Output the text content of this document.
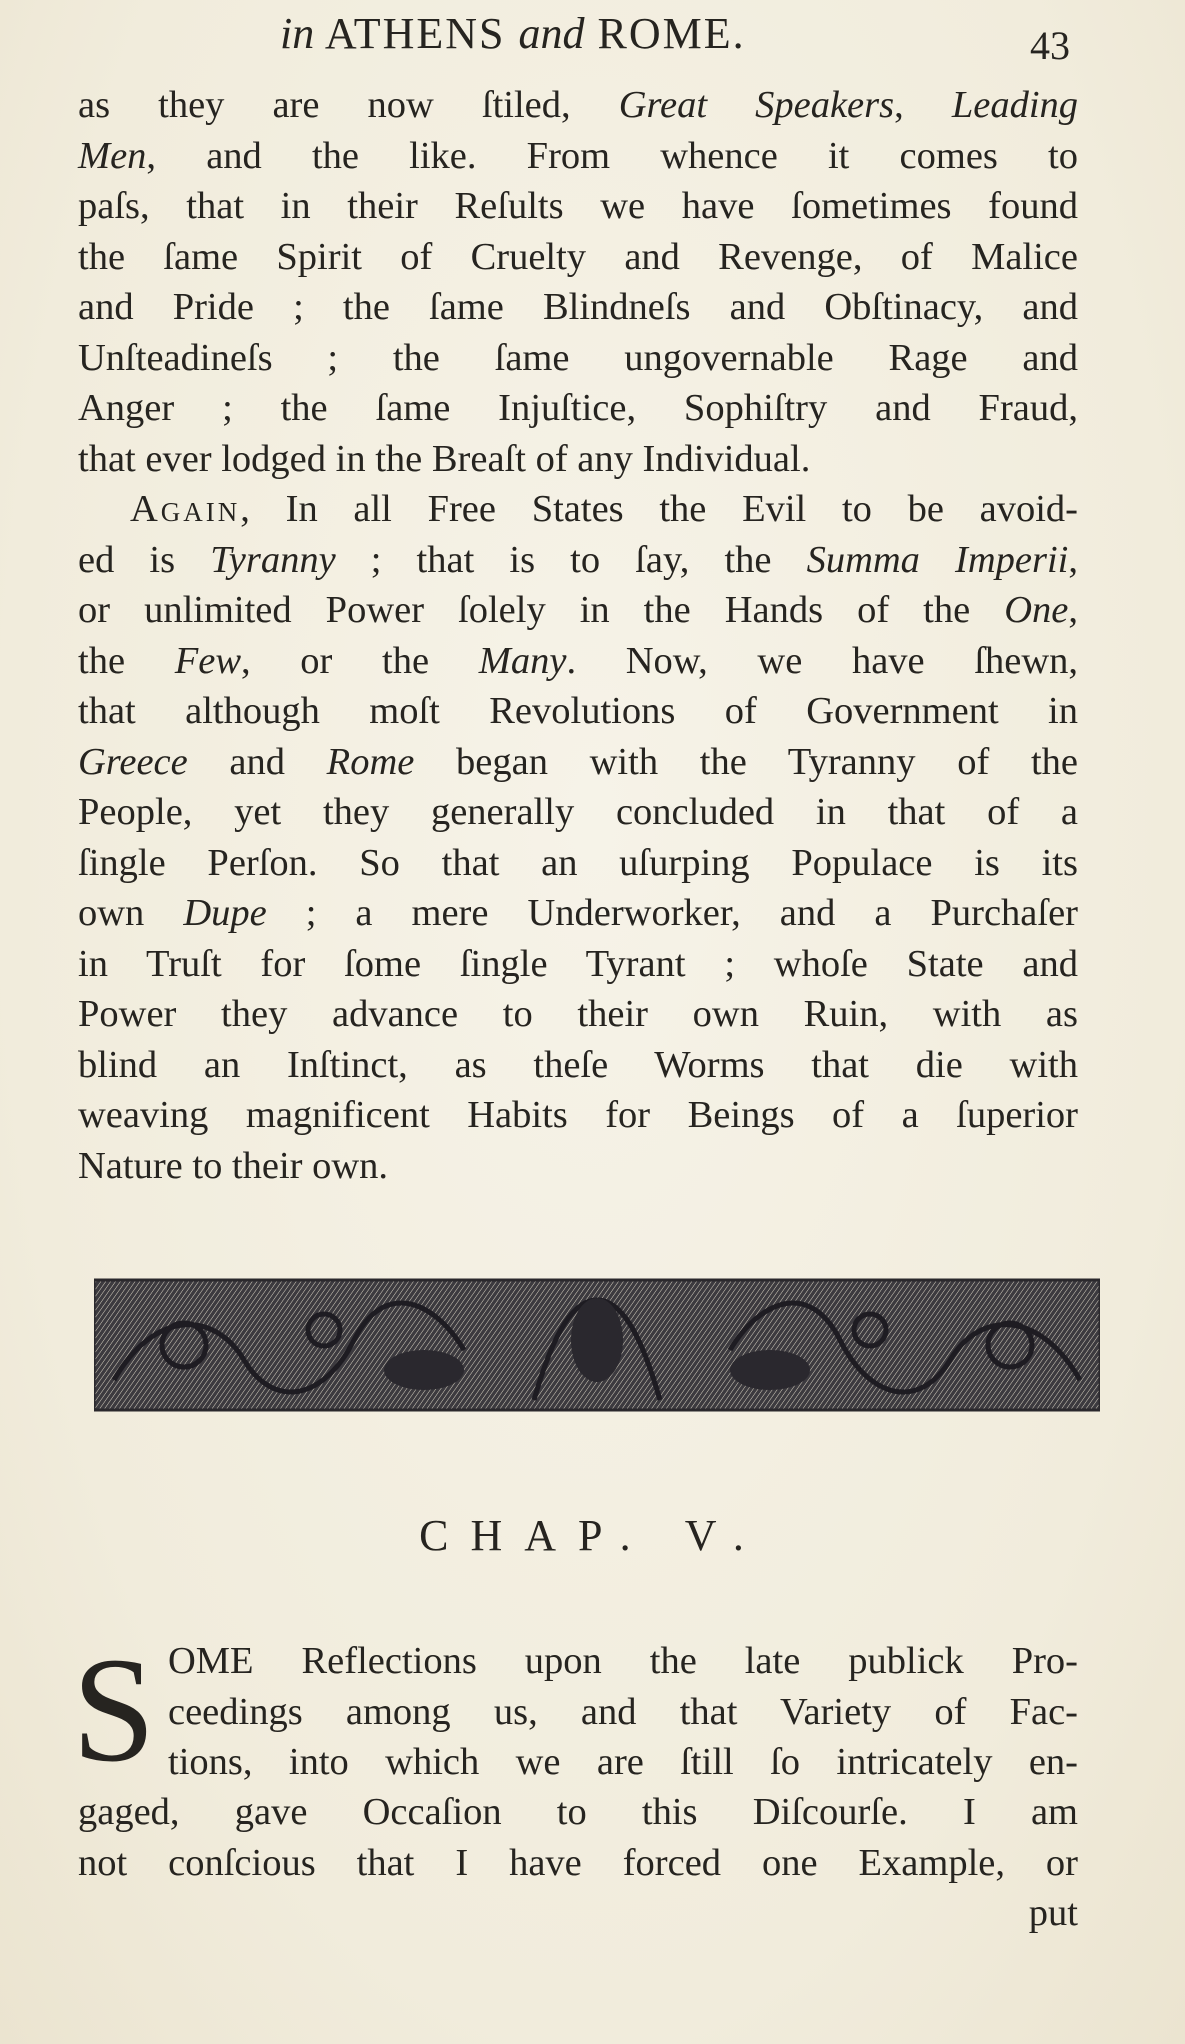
in ATHENS and ROME.	43
as they are now ſtiled, Great Speakers, Leading
Men, and the like. From whence it comes to
paſs, that in their Reſults we have ſometimes found
the ſame Spirit of Cruelty and Revenge, of Malice
and Pride ; the ſame Blindneſs and Obſtinacy, and
Unſteadineſs ; the ſame ungovernable Rage and
Anger ; the ſame Injuſtice, Sophiſtry and Fraud,
that ever lodged in the Breaſt of any Individual.
Again, In all Free States the Evil to be avoid-
ed is Tyranny ; that is to ſay, the Summa Imperii,
or unlimited Power ſolely in the Hands of the One,
the Few, or the Many. Now, we have ſhewn,
that although moſt Revolutions of Government in
Greece and Rome began with the Tyranny of the
People, yet they generally concluded in that of a
ſingle Perſon. So that an uſurping Populace is its
own Dupe ; a mere Underworker, and a Purchaſer
in Truſt for ſome ſingle Tyrant ; whoſe State and
Power they advance to their own Ruin, with as
blind an Inſtinct, as theſe Worms that die with
weaving magnificent Habits for Beings of a ſuperior
Nature to their own.
CHAP. V.
S OME Reflections upon the late publick Pro-
ceedings among us, and that Variety of Fac-
tions, into which we are ſtill ſo intricately en-
gaged, gave Occaſion to this Diſcourſe. I am
not conſcious that I have forced one Example, or
put
